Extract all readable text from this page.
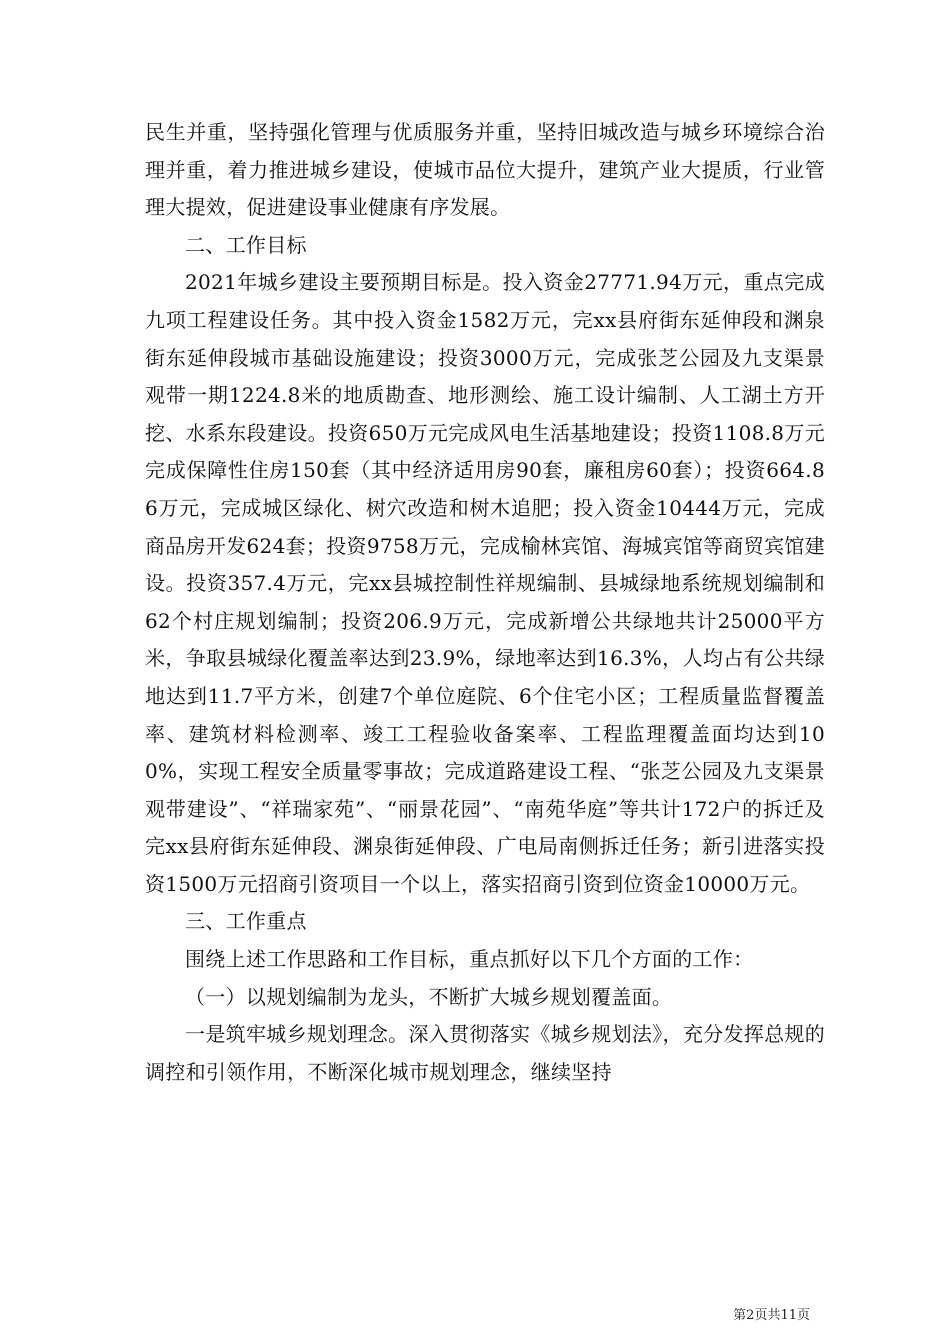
民生并重，坚持强化管理与优质服务并重，坚持旧城改造与城乡环境综合治理并重，着力推进城乡建设，使城市品位大提升，建筑产业大提质，行业管理大提效，促进建设事业健康有序发展。

二、工作目标

2021年城乡建设主要预期目标是。投入资金27771.94万元，重点完成九项工程建设任务。其中投入资金1582万元，完xx县府街东延伸段和渊泉街东延伸段城市基础设施建设；投资3000万元，完成张芝公园及九支渠景观带一期1224.8米的地质勘查、地形测绘、施工设计编制、人工湖土方开挖、水系东段建设。投资650万元完成风电生活基地建设；投资1108.8万元完成保障性住房150套（其中经济适用房90套，廉租房60套）；投资664.86万元，完成城区绿化、树穴改造和树木追肥；投入资金10444万元，完成商品房开发624套；投资9758万元，完成榆林宾馆、海城宾馆等商贸宾馆建设。投资357.4万元，完xx县城控制性祥规编制、县城绿地系统规划编制和62个村庄规划编制；投资206.9万元，完成新增公共绿地共计25000平方米，争取县城绿化覆盖率达到23.9%，绿地率达到16.3%，人均占有公共绿地达到11.7平方米，创建7个单位庭院、6个住宅小区；工程质量监督覆盖率、建筑材料检测率、竣工工程验收备案率、工程监理覆盖面均达到100%，实现工程安全质量零事故；完成道路建设工程、“张芝公园及九支渠景观带建设”、“祥瑞家苑”、“丽景花园”、“南苑华庭”等共计172户的拆迁及完xx县府街东延伸段、渊泉街延伸段、广电局南侧拆迁任务；新引进落实投资1500万元招商引资项目一个以上，落实招商引资到位资金10000万元。

三、工作重点

围绕上述工作思路和工作目标，重点抓好以下几个方面的工作：

（一）以规划编制为龙头，不断扩大城乡规划覆盖面。

一是筑牢城乡规划理念。深入贯彻落实《城乡规划法》，充分发挥总规的调控和引领作用，不断深化城市规划理念，继续坚持

第2页共11页
